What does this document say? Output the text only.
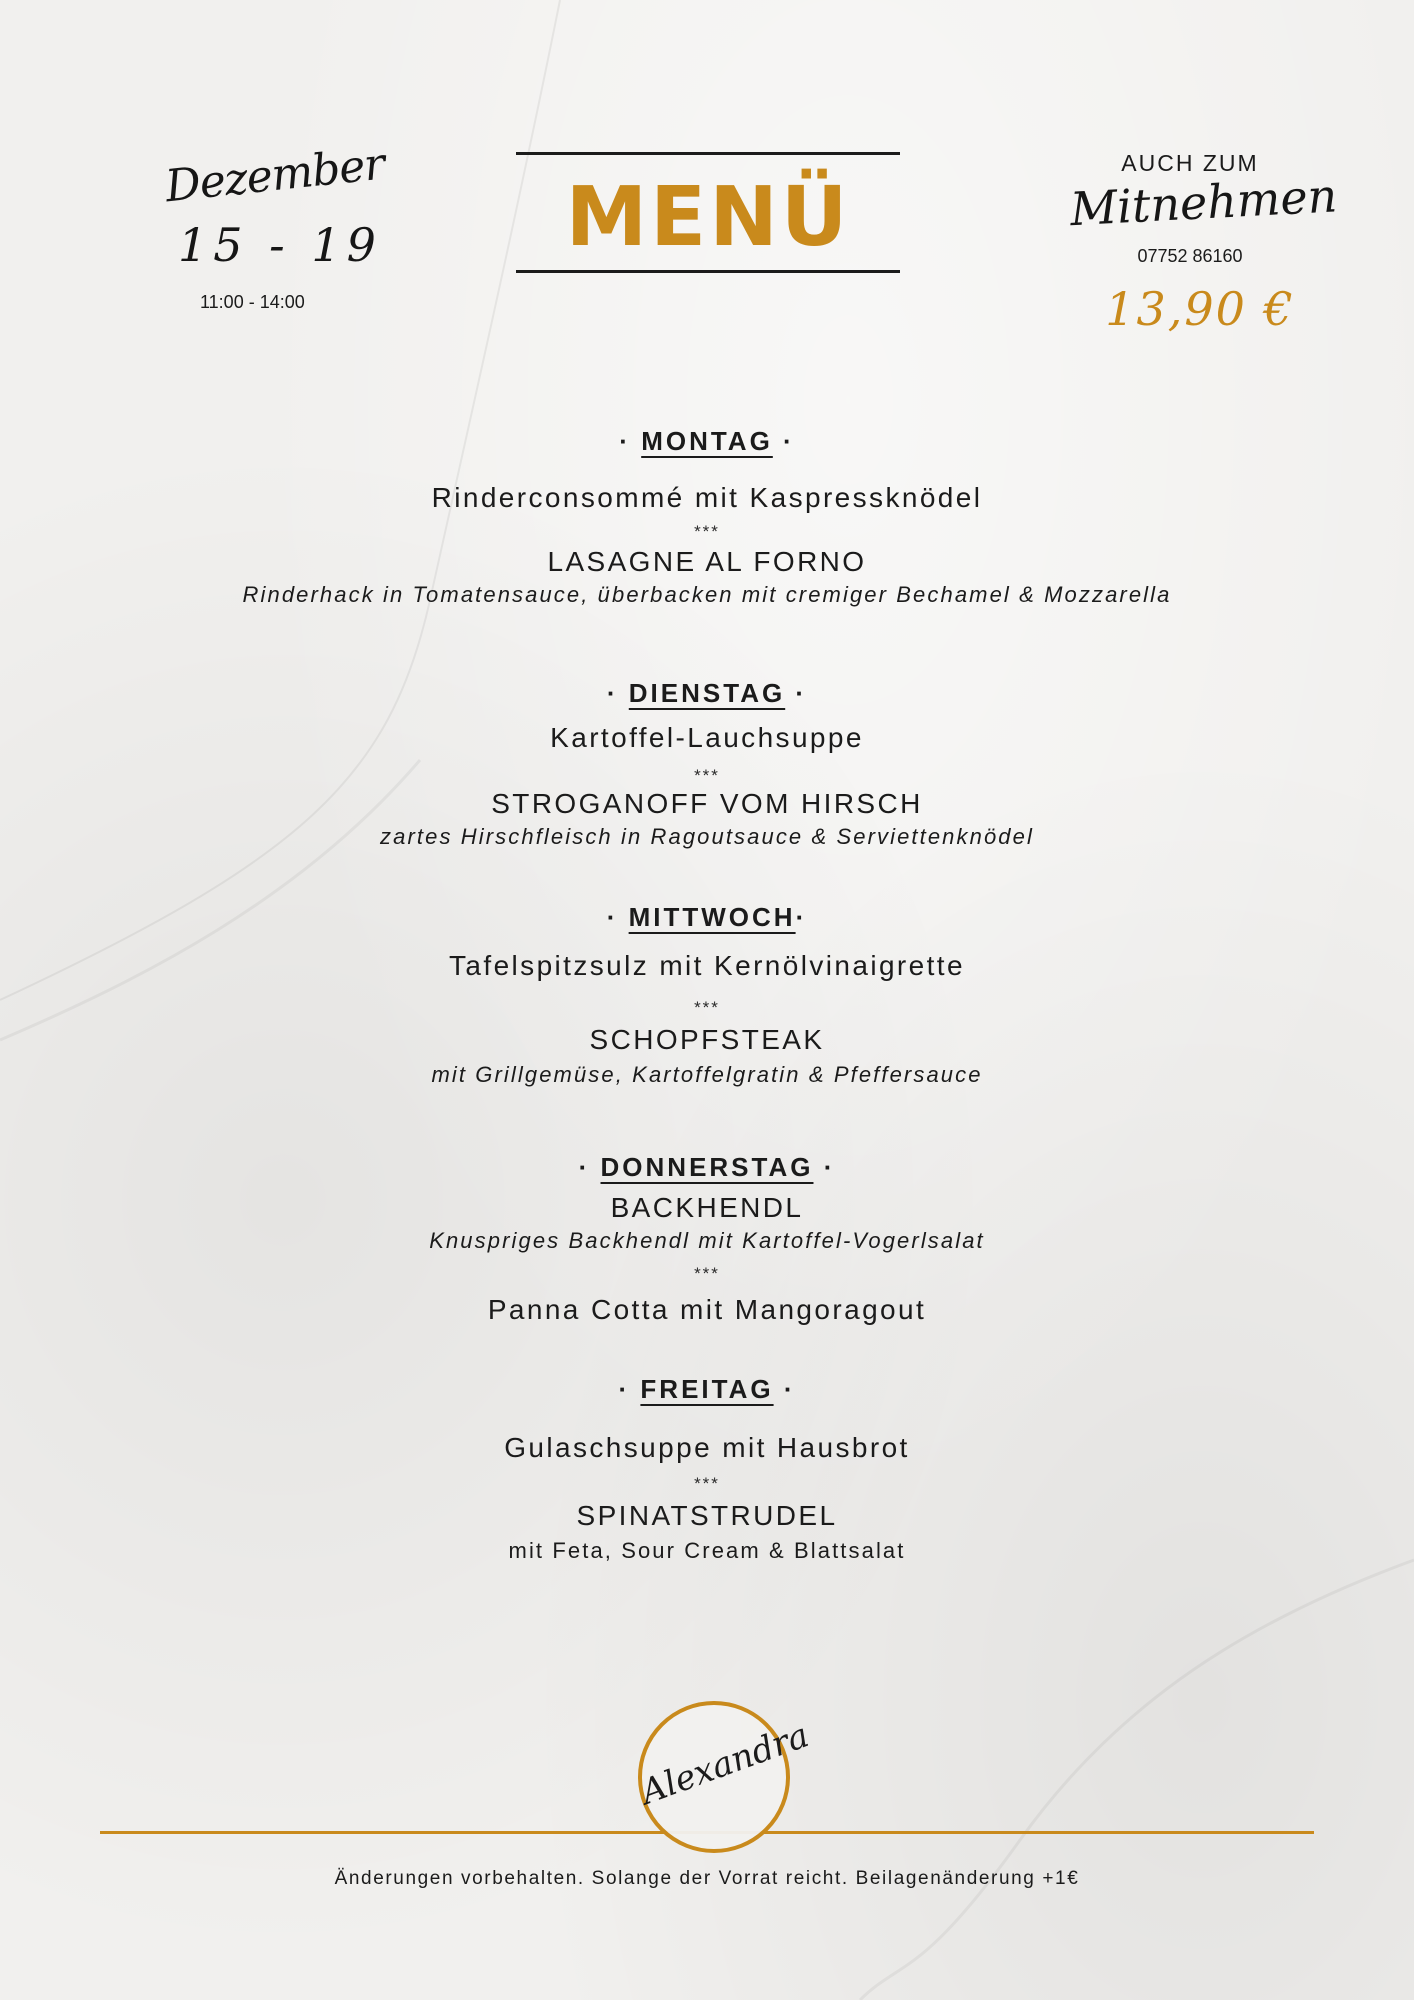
Dezember
15 - 19
11:00 - 14:00
MENÜ
AUCH ZUM
Mitnehmen
07752 86160
13,90 €
· MONTAG ·
Rinderconsommé mit Kaspressknödel
***
LASAGNE AL FORNO
Rinderhack in Tomatensauce, überbacken mit cremiger Bechamel & Mozzarella
· DIENSTAG ·
Kartoffel-Lauchsuppe
***
STROGANOFF VOM HIRSCH
zartes Hirschfleisch in Ragoutsauce & Serviettenknödel
· MITTWOCH·
Tafelspitzsulz mit Kernölvinaigrette
***
SCHOPFSTEAK
mit Grillgemüse, Kartoffelgratin & Pfeffersauce
· DONNERSTAG ·
BACKHENDL
Knuspriges Backhendl mit Kartoffel-Vogerlsalat
***
Panna Cotta mit Mangoragout
· FREITAG ·
Gulaschsuppe mit Hausbrot
***
SPINATSTRUDEL
mit Feta, Sour Cream & Blattsalat
Alexandra
Änderungen vorbehalten. Solange der Vorrat reicht. Beilagenänderung +1€
